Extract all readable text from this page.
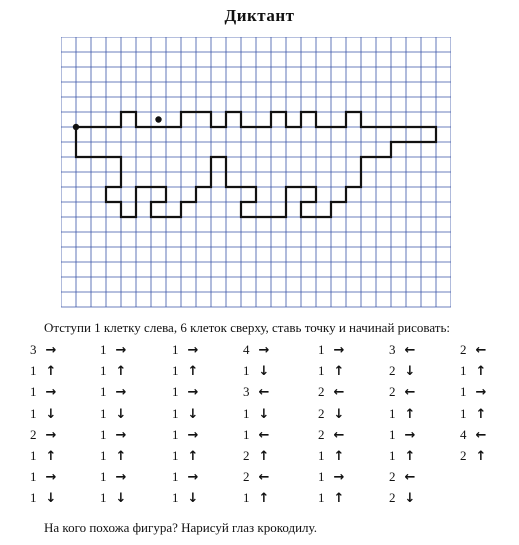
Диктант
Отступи 1 клетку слева, 6 клеток сверху, ставь точку и начинай рисовать:
3 →
1 ↑
1 →
1 ↓
2 →
1 ↑
1 →
1 ↓
1 →
1 ↑
1 →
1 ↓
1 →
1 ↑
1 →
1 ↓
1 →
1 ↑
1 →
1 ↓
1 →
1 ↑
1 →
1 ↓
4 →
1 ↓
3 ←
1 ↓
1 ←
2 ↑
2 ←
1 ↑
1 →
1 ↑
2 ←
2 ↓
2 ←
1 ↑
1 →
1 ↑
3 ←
2 ↓
2 ←
1 ↑
1 →
1 ↑
2 ←
2 ↓
2 ←
1 ↑
1 →
1 ↑
4 ←
2 ↑
На кого похожа фигура? Нарисуй глаз крокодилу.
